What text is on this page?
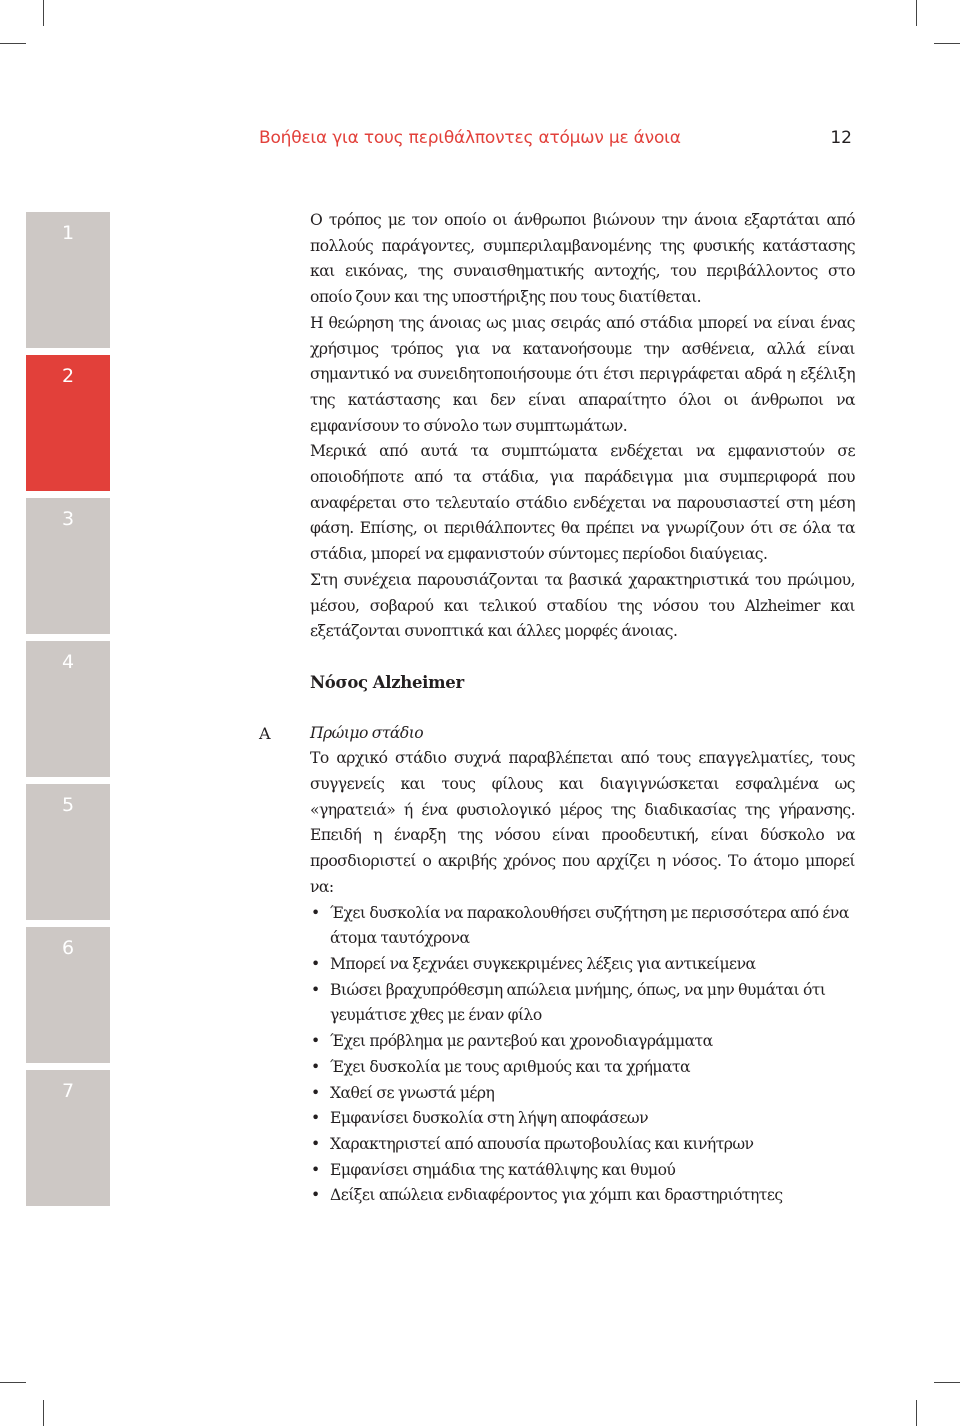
Βοήθεια για τους περιθάλποντες ατόμων με άνοια	12
1
2
3
4
5
6
7

Ο τρόπος με τον οποίο οι άνθρωποι βιώνουν την άνοια εξαρτάται από πολλούς παράγοντες, συμπεριλαμβανομένης της φυσικής κατάστασης και εικόνας, της συναισθηματικής αντοχής, του περιβάλλοντος στο οποίο ζουν και της υποστήριξης που τους διατίθεται.

Η θεώρηση της άνοιας ως μιας σειράς από στάδια μπορεί να είναι ένας χρήσιμος τρόπος για να κατανοήσουμε την ασθένεια, αλλά είναι σημαντικό να συνειδητοποιήσουμε ότι έτσι περιγράφεται αδρά η εξέλιξη της κατάστασης και δεν είναι απαραίτητο όλοι οι άνθρωποι να εμφανίσουν το σύνολο των συμπτωμάτων.

Μερικά από αυτά τα συμπτώματα ενδέχεται να εμφανιστούν σε οποιοδήποτε από τα στάδια, για παράδειγμα μια συμπεριφορά που αναφέρεται στο τελευταίο στάδιο ενδέχεται να παρουσιαστεί στη μέση φάση. Επίσης, οι περιθάλποντες θα πρέπει να γνωρίζουν ότι σε όλα τα στάδια, μπορεί να εμφανιστούν σύντομες περίοδοι διαύγειας.

Στη συνέχεια παρουσιάζονται τα βασικά χαρακτηριστικά του πρώιμου, μέσου, σοβαρού και τελικού σταδίου της νόσου του Alzheimer και εξετάζονται συνοπτικά και άλλες μορφές άνοιας.

Νόσος Alzheimer
Α	Πρώιμο στάδιο

Το αρχικό στάδιο συχνά παραβλέπεται από τους επαγγελματίες, τους συγγενείς και τους φίλους και διαγιγνώσκεται εσφαλμένα ως «γηρατειά» ή ένα φυσιολογικό μέρος της διαδικασίας της γήρανσης. Επειδή η έναρξη της νόσου είναι προοδευτική, είναι δύσκολο να προσδιοριστεί ο ακριβής χρόνος που αρχίζει η νόσος. Το άτομο μπορεί να:

• Έχει δυσκολία να παρακολουθήσει συζήτηση με περισσότερα από ένα άτομα ταυτόχρονα
• Μπορεί να ξεχνάει συγκεκριμένες λέξεις για αντικείμενα
• Βιώσει βραχυπρόθεσμη απώλεια μνήμης, όπως, να μην θυμάται ότι γευμάτισε χθες με έναν φίλο
• Έχει πρόβλημα με ραντεβού και χρονοδιαγράμματα
• Έχει δυσκολία με τους αριθμούς και τα χρήματα
• Χαθεί σε γνωστά μέρη
• Εμφανίσει δυσκολία στη λήψη αποφάσεων
• Χαρακτηριστεί από απουσία πρωτοβουλίας και κινήτρων
• Εμφανίσει σημάδια της κατάθλιψης και θυμού
• Δείξει απώλεια ενδιαφέροντος για χόμπι και δραστηριότητες
